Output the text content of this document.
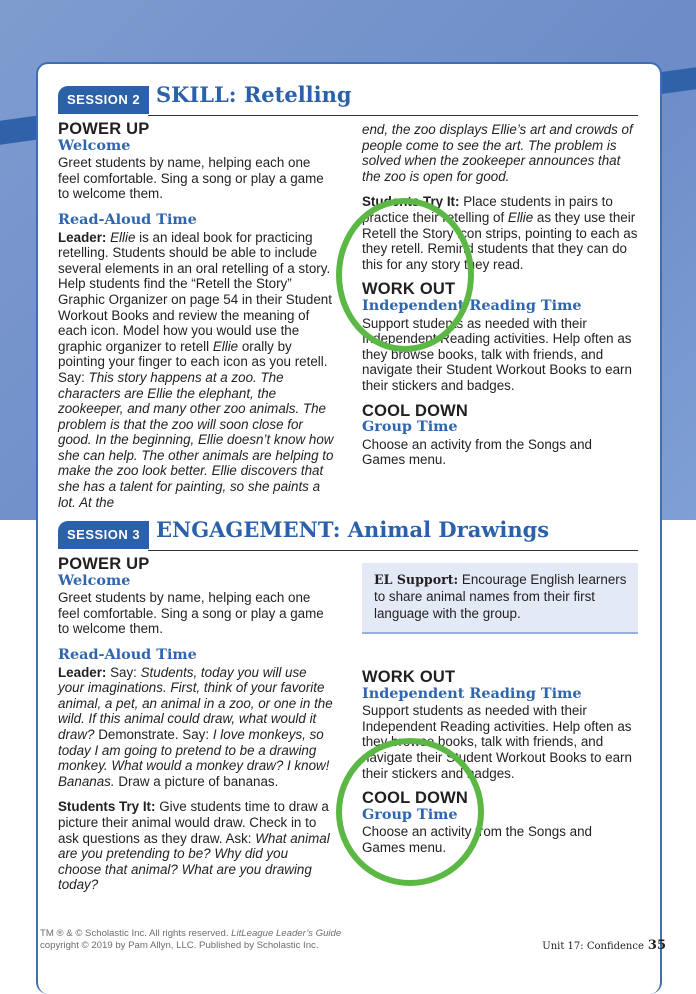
SESSION 2 SKILL: Retelling
POWER UP
Welcome

Greet students by name, helping each one feel comfortable. Sing a song or play a game to welcome them.

Read-Aloud Time

Leader: Ellie is an ideal book for practicing retelling. Students should be able to include several elements in an oral retelling of a story. Help students find the “Retell the Story” Graphic Organizer on page 54 in their Student Workout Books and review the meaning of each icon. Model how you would use the graphic organizer to retell Ellie orally by pointing your finger to each icon as you retell. Say: This story happens at a zoo. The characters are Ellie the elephant, the zookeeper, and many other zoo animals. The problem is that the zoo will soon close for good. In the beginning, Ellie doesn’t know how she can help. The other animals are helping to make the zoo look better. Ellie discovers that she has a talent for painting, so she paints a lot. At the

end, the zoo displays Ellie’s art and crowds of people come to see the art. The problem is solved when the zookeeper announces that the zoo is open for good.

Students Try It: Place students in pairs to practice their retelling of Ellie as they use their Retell the Story icon strips, pointing to each as they retell. Remind students that they can do this for any story they read.

WORK OUT
Independent Reading Time

Support students as needed with their Independent Reading activities. Help often as they browse books, talk with friends, and navigate their Student Workout Books to earn their stickers and badges.

COOL DOWN
Group Time

Choose an activity from the Songs and Games menu.

SESSION 3 ENGAGEMENT: Animal Drawings
POWER UP
Welcome

Greet students by name, helping each one feel comfortable. Sing a song or play a game to welcome them.

Read-Aloud Time

Leader: Say: Students, today you will use your imaginations. First, think of your favorite animal, a pet, an animal in a zoo, or one in the wild. If this animal could draw, what would it draw? Demonstrate. Say: I love monkeys, so today I am going to pretend to be a drawing monkey. What would a monkey draw? I know! Bananas. Draw a picture of bananas.

Students Try It: Give students time to draw a picture their animal would draw. Check in to ask questions as they draw. Ask: What animal are you pretending to be? Why did you choose that animal? What are you drawing today?

EL Support: Encourage English learners to share animal names from their first language with the group.
WORK OUT
Independent Reading Time

Support students as needed with their Independent Reading activities. Help often as they browse books, talk with friends, and navigate their Student Workout Books to earn their stickers and badges.

COOL DOWN
Group Time

Choose an activity from the Songs and Games menu.

TM ® & © Scholastic Inc. All rights reserved. LitLeague Leader’s Guide
copyright © 2019 by Pam Allyn, LLC. Published by Scholastic Inc.	Unit 17: Confidence 35
